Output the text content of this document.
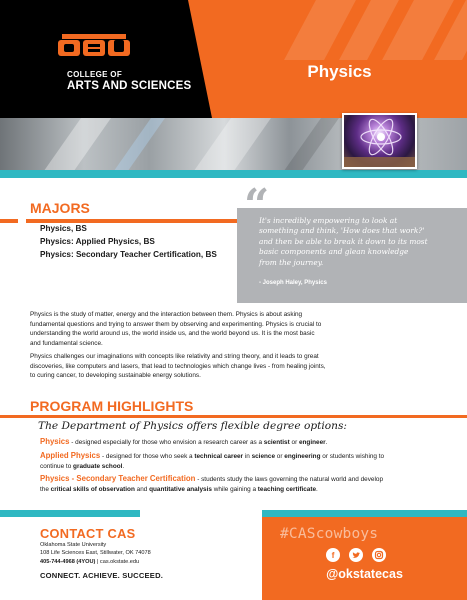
COLLEGE OF
ARTS AND SCIENCES
Physics
MAJORS
Physics, BS
Physics: Applied Physics, BS
Physics: Secondary Teacher Certification, BS
“
”
It's incredibly empowering to look at
something and think, 'How does that work?'
and then be able to break it down to its most
basic components and glean knowledge
from the journey.
- Joseph Haley, Physics
Physics is the study of matter, energy and the interaction between them. Physics is about asking
fundamental questions and trying to answer them by observing and experimenting. Physics is crucial to
understanding the world around us, the world inside us, and the world beyond us. It is the most basic
and fundamental science.
Physics challenges our imaginations with concepts like relativity and string theory, and it leads to great
discoveries, like computers and lasers, that lead to technologies which change lives - from healing joints,
to curing cancer, to developing sustainable energy solutions.
PROGRAM HIGHLIGHTS
The Department of Physics offers flexible degree options:
Physics - designed especially for those who envision a research career as a scientist or engineer.
Applied Physics - designed for those who seek a technical career in science or engineering or students wishing to
continue to graduate school.
Physics - Secondary Teacher Certification - students study the laws governing the natural world and develop
the critical skills of observation and quantitative analysis while gaining a teaching certificate.
CONTACT CAS
Oklahoma State University
108 Life Sciences East, Stillwater, OK 74078
405-744-4968 (4YOU) | cas.okstate.edu
CONNECT. ACHIEVE. SUCCEED.
#CAScowboys
f
@okstatecas
